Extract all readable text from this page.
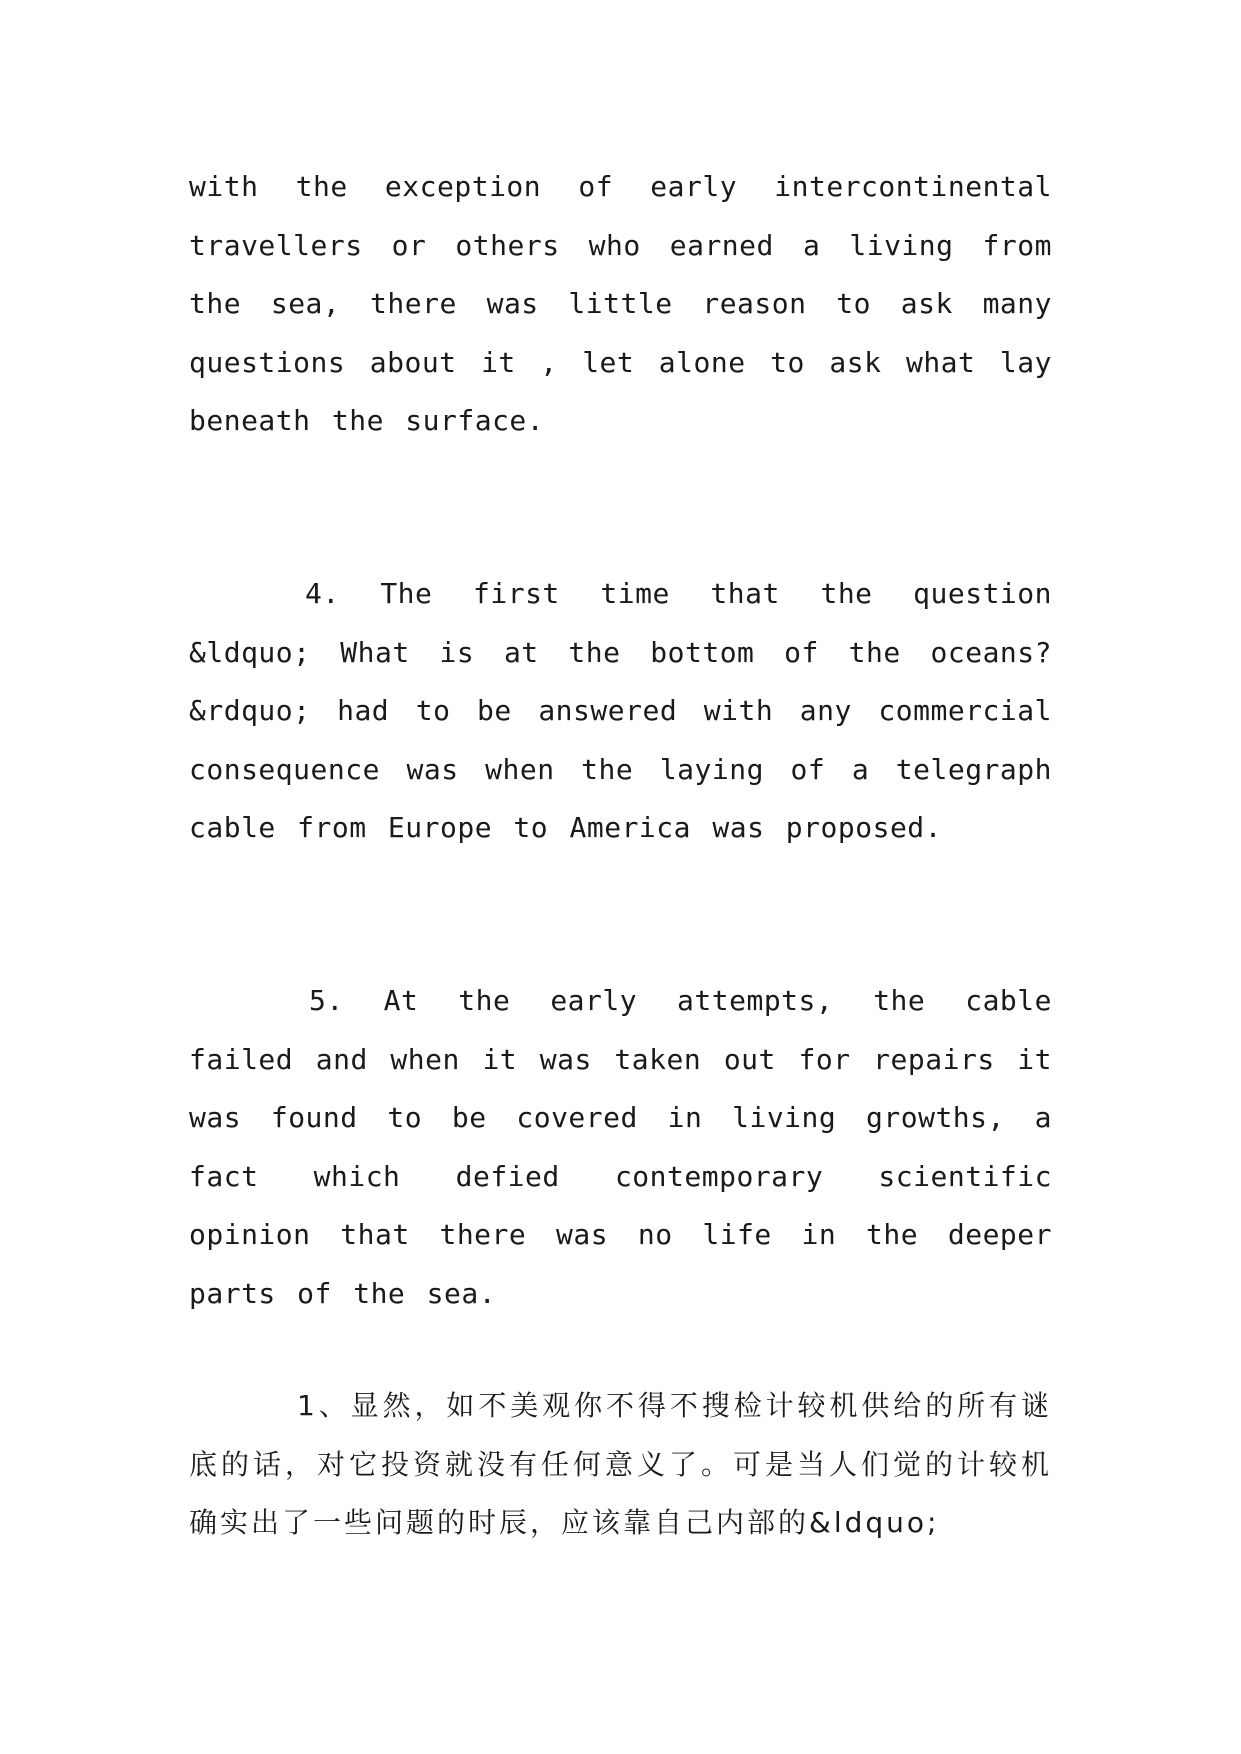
with the exception of early intercontinental travellers or others who earned a living from the sea, there was little reason to ask many questions about it , let alone to ask what lay beneath the surface.

4. The first time that the question &ldquo; What is at the bottom of the oceans?&rdquo; had to be answered with any commercial consequence was when the laying of a telegraph cable from Europe to America was proposed.

5. At the early attempts, the cable failed and when it was taken out for repairs it was found to be covered in living growths, a fact which defied contemporary scientific opinion that there was no life in the deeper parts of the sea.

1、显然，如不美观你不得不搜检计较机供给的所有谜底的话，对它投资就没有任何意义了。可是当人们觉的计较机确实出了一些问题的时辰，应该靠自己内部的&ldquo;
